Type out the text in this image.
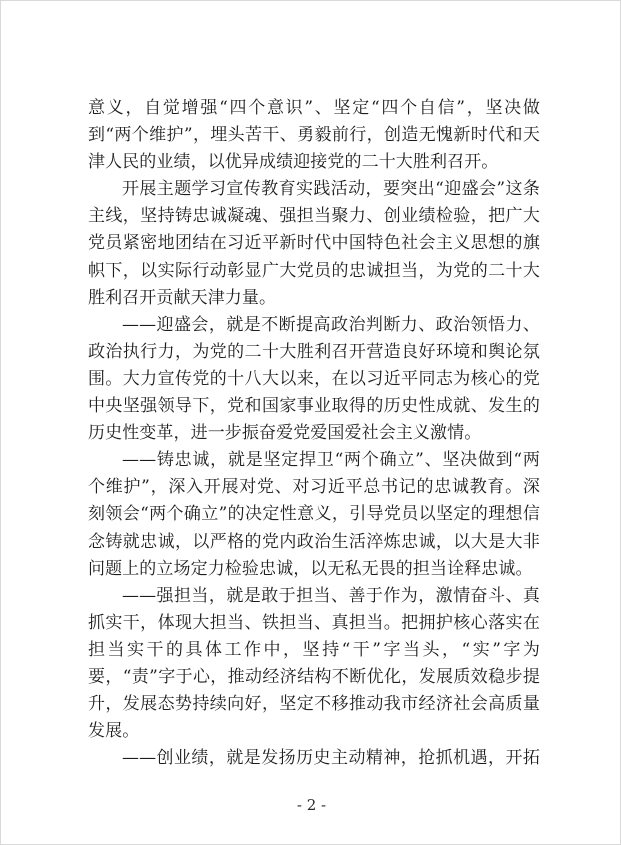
意义，自觉增强“四个意识”、坚定“四个自信”，坚决做到“两个维护”，埋头苦干、勇毅前行，创造无愧新时代和天津人民的业绩，以优异成绩迎接党的二十大胜利召开。

开展主题学习宣传教育实践活动，要突出“迎盛会”这条主线，坚持铸忠诚凝魂、强担当聚力、创业绩检验，把广大党员紧密地团结在习近平新时代中国特色社会主义思想的旗帜下，以实际行动彰显广大党员的忠诚担当，为党的二十大胜利召开贡献天津力量。

——迎盛会，就是不断提高政治判断力、政治领悟力、政治执行力，为党的二十大胜利召开营造良好环境和舆论氛围。大力宣传党的十八大以来，在以习近平同志为核心的党中央坚强领导下，党和国家事业取得的历史性成就、发生的历史性变革，进一步振奋爱党爱国爱社会主义激情。

——铸忠诚，就是坚定捍卫“两个确立”、坚决做到“两个维护”，深入开展对党、对习近平总书记的忠诚教育。深刻领会“两个确立”的决定性意义，引导党员以坚定的理想信念铸就忠诚，以严格的党内政治生活淬炼忠诚，以大是大非问题上的立场定力检验忠诚，以无私无畏的担当诠释忠诚。

——强担当，就是敢于担当、善于作为，激情奋斗、真抓实干，体现大担当、铁担当、真担当。把拥护核心落实在担当实干的具体工作中，坚持“干”字当头，“实”字为要，“责”字于心，推动经济结构不断优化，发展质效稳步提升，发展态势持续向好，坚定不移推动我市经济社会高质量发展。

——创业绩，就是发扬历史主动精神，抢抓机遇，开拓

- 2 -
